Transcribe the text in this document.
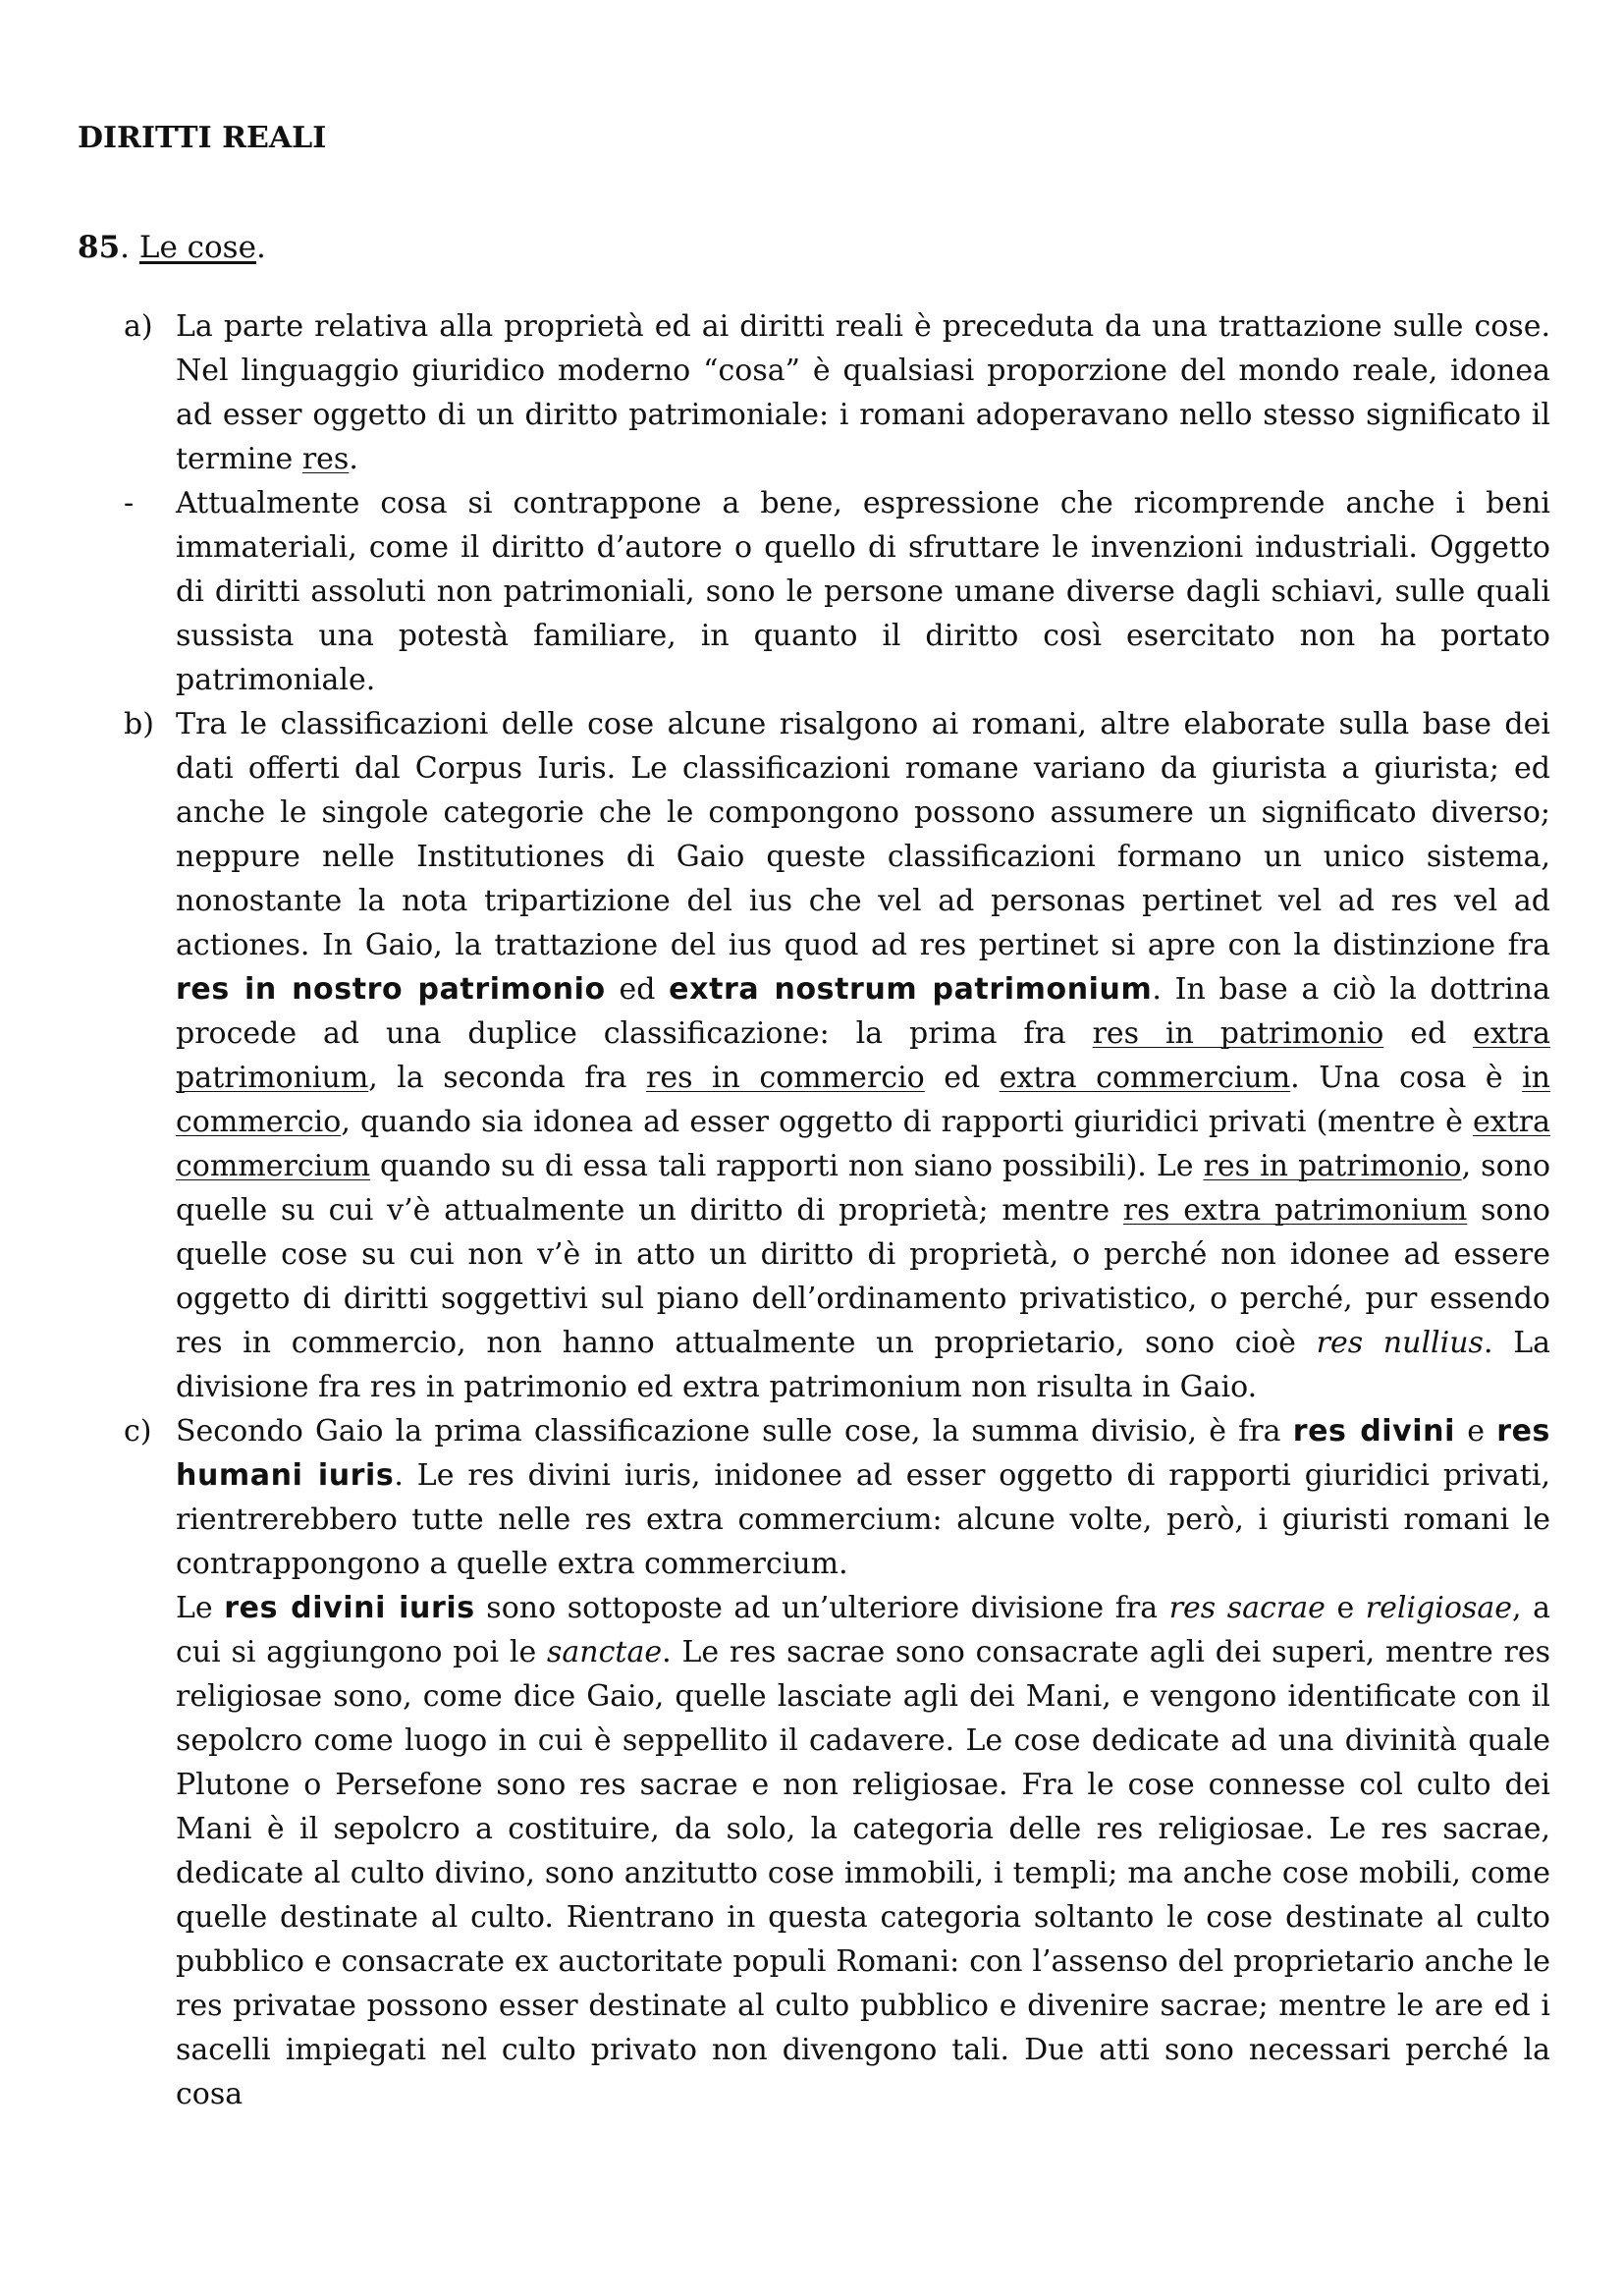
DIRITTI REALI
85. Le cose.
a) La parte relativa alla proprietà ed ai diritti reali è preceduta da una trattazione sulle cose. Nel linguaggio giuridico moderno “cosa” è qualsiasi proporzione del mondo reale, idonea ad esser oggetto di un diritto patrimoniale: i romani adoperavano nello stesso significato il termine res.

-	Attualmente cosa si contrappone a bene, espressione che ricomprende anche i beni immateriali, come il diritto d’autore o quello di sfruttare le invenzioni industriali. Oggetto di diritti assoluti non patrimoniali, sono le persone umane diverse dagli schiavi, sulle quali sussista una potestà familiare, in quanto il diritto così esercitato non ha portato patrimoniale.

b) Tra le classificazioni delle cose alcune risalgono ai romani, altre elaborate sulla base dei dati offerti dal Corpus Iuris. Le classificazioni romane variano da giurista a giurista; ed anche le singole categorie che le compongono possono assumere un significato diverso; neppure nelle Institutiones di Gaio queste classificazioni formano un unico sistema, nonostante la nota tripartizione del ius che vel ad personas pertinet vel ad res vel ad actiones. In Gaio, la trattazione del ius quod ad res pertinet si apre con la distinzione fra res in nostro patrimonio ed extra nostrum patrimonium. In base a ciò la dottrina procede ad una duplice classificazione: la prima fra res in patrimonio ed extra patrimonium, la seconda fra res in commercio ed extra commercium. Una cosa è in commercio, quando sia idonea ad esser oggetto di rapporti giuridici privati (mentre è extra commercium quando su di essa tali rapporti non siano possibili). Le res in patrimonio, sono quelle su cui v’è attualmente un diritto di proprietà; mentre res extra patrimonium sono quelle cose su cui non v’è in atto un diritto di proprietà, o perché non idonee ad essere oggetto di diritti soggettivi sul piano dell’ordinamento privatistico, o perché, pur essendo res in commercio, non hanno attualmente un proprietario, sono cioè res nullius. La divisione fra res in patrimonio ed extra patrimonium non risulta in Gaio.

c) Secondo Gaio la prima classificazione sulle cose, la summa divisio, è fra res divini e res humani iuris. Le res divini iuris, inidonee ad esser oggetto di rapporti giuridici privati, rientrerebbero tutte nelle res extra commercium: alcune volte, però, i giuristi romani le contrappongono a quelle extra commercium.

Le res divini iuris sono sottoposte ad un’ulteriore divisione fra res sacrae e religiosae, a cui si aggiungono poi le sanctae. Le res sacrae sono consacrate agli dei superi, mentre res religiosae sono, come dice Gaio, quelle lasciate agli dei Mani, e vengono identificate con il sepolcro come luogo in cui è seppellito il cadavere. Le cose dedicate ad una divinità quale Plutone o Persefone sono res sacrae e non religiosae. Fra le cose connesse col culto dei Mani è il sepolcro a costituire, da solo, la categoria delle res religiosae. Le res sacrae, dedicate al culto divino, sono anzitutto cose immobili, i templi; ma anche cose mobili, come quelle destinate al culto. Rientrano in questa categoria soltanto le cose destinate al culto pubblico e consacrate ex auctoritate populi Romani: con l’assenso del proprietario anche le res privatae possono esser destinate al culto pubblico e divenire sacrae; mentre le are ed i sacelli impiegati nel culto privato non divengono tali. Due atti sono necessari perché la cosa
